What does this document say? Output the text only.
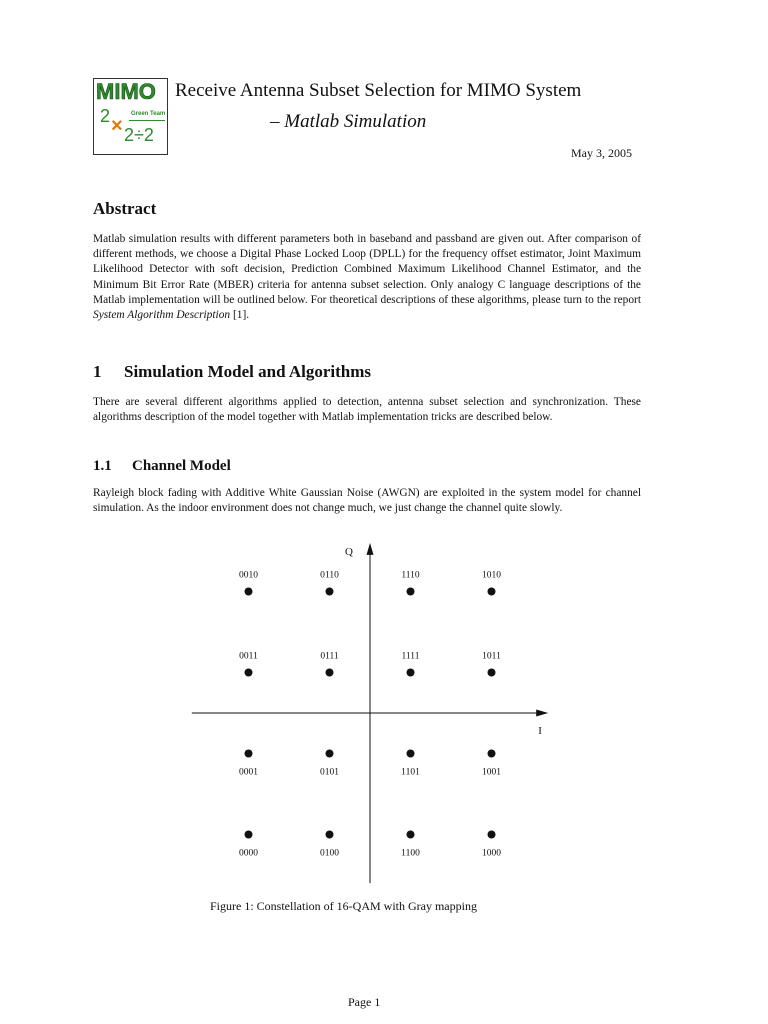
MIMO
2 ×
Green Team
2÷2
Receive Antenna Subset Selection for MIMO System
– Matlab Simulation
May 3, 2005
Abstract

Matlab simulation results with different parameters both in baseband and passband are given out. After comparison of different methods, we choose a Digital Phase Locked Loop (DPLL) for the frequency offset estimator, Joint Maximum Likelihood Detector with soft decision, Prediction Combined Maximum Likelihood Channel Estimator, and the Minimum Bit Error Rate (MBER) criteria for antenna subset selection. Only analogy C language descriptions of the Matlab implementation will be outlined below. For theoretical descriptions of these algorithms, please turn to the report System Algorithm Description [1].

1 Simulation Model and Algorithms

There are several different algorithms applied to detection, antenna subset selection and synchronization. These algorithms description of the model together with Matlab implementation tricks are described below.

1.1 Channel Model

Rayleigh block fading with Additive White Gaussian Noise (AWGN) are exploited in the system model for channel simulation. As the indoor environment does not change much, we just change the channel quite slowly.

I
Q
0010	0110	1110	1010
0011	0111	1111	1011
0001	0101	1101	1001
0000	0100	1100	1000
Figure 1: Constellation of 16-QAM with Gray mapping
Page 1
